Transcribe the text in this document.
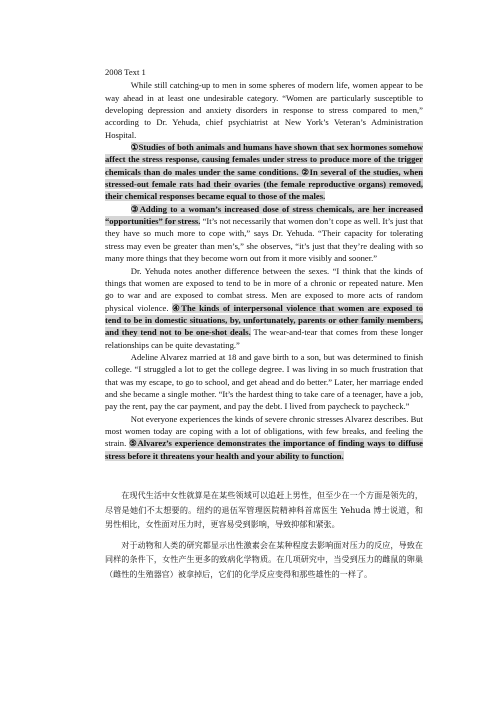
2008 Text 1

While still catching-up to men in some spheres of modern life, women appear to be way ahead in at least one undesirable category. “Women are particularly susceptible to developing depression and anxiety disorders in response to stress compared to men,” according to Dr. Yehuda, chief psychiatrist at New York’s Veteran’s Administration Hospital.

①Studies of both animals and humans have shown that sex hormones somehow affect the stress response, causing females under stress to produce more of the trigger chemicals than do males under the same conditions. ②In several of the studies, when stressed-out female rats had their ovaries (the female reproductive organs) removed, their chemical responses became equal to those of the males.

③Adding to a woman’s increased dose of stress chemicals, are her increased “opportunities” for stress. “It’s not necessarily that women don’t cope as well. It’s just that they have so much more to cope with,” says Dr. Yehuda. “Their capacity for tolerating stress may even be greater than men’s,” she observes, “it’s just that they’re dealing with so many more things that they become worn out from it more visibly and sooner.”

Dr. Yehuda notes another difference between the sexes. “I think that the kinds of things that women are exposed to tend to be in more of a chronic or repeated nature. Men go to war and are exposed to combat stress. Men are exposed to more acts of random physical violence. ④The kinds of interpersonal violence that women are exposed to tend to be in domestic situations, by, unfortunately, parents or other family members, and they tend not to be one-shot deals. The wear-and-tear that comes from these longer relationships can be quite devastating.”

Adeline Alvarez married at 18 and gave birth to a son, but was determined to finish college. “I struggled a lot to get the college degree. I was living in so much frustration that that was my escape, to go to school, and get ahead and do better.” Later, her marriage ended and she became a single mother. “It’s the hardest thing to take care of a teenager, have a job, pay the rent, pay the car payment, and pay the debt. I lived from paycheck to paycheck.”

Not everyone experiences the kinds of severe chronic stresses Alvarez describes. But most women today are coping with a lot of obligations, with few breaks, and feeling the strain. ⑤Alvarez’s experience demonstrates the importance of finding ways to diffuse stress before it threatens your health and your ability to function.

在现代生活中女性就算是在某些领域可以追赶上男性，但至少在一个方面是领先的，尽管是她们不太想要的。纽约的退伍军管理医院精神科首席医生 Yehuda 博士说道，和男性相比，女性面对压力时，更容易受到影响，导致抑郁和紧张。

对于动物和人类的研究都显示出性激素会在某种程度去影响面对压力的反应，导致在同样的条件下，女性产生更多的致病化学物质。在几项研究中，当受到压力的雌鼠的卵巢（雌性的生殖器官）被拿掉后，它们的化学反应变得和那些雄性的一样了。
